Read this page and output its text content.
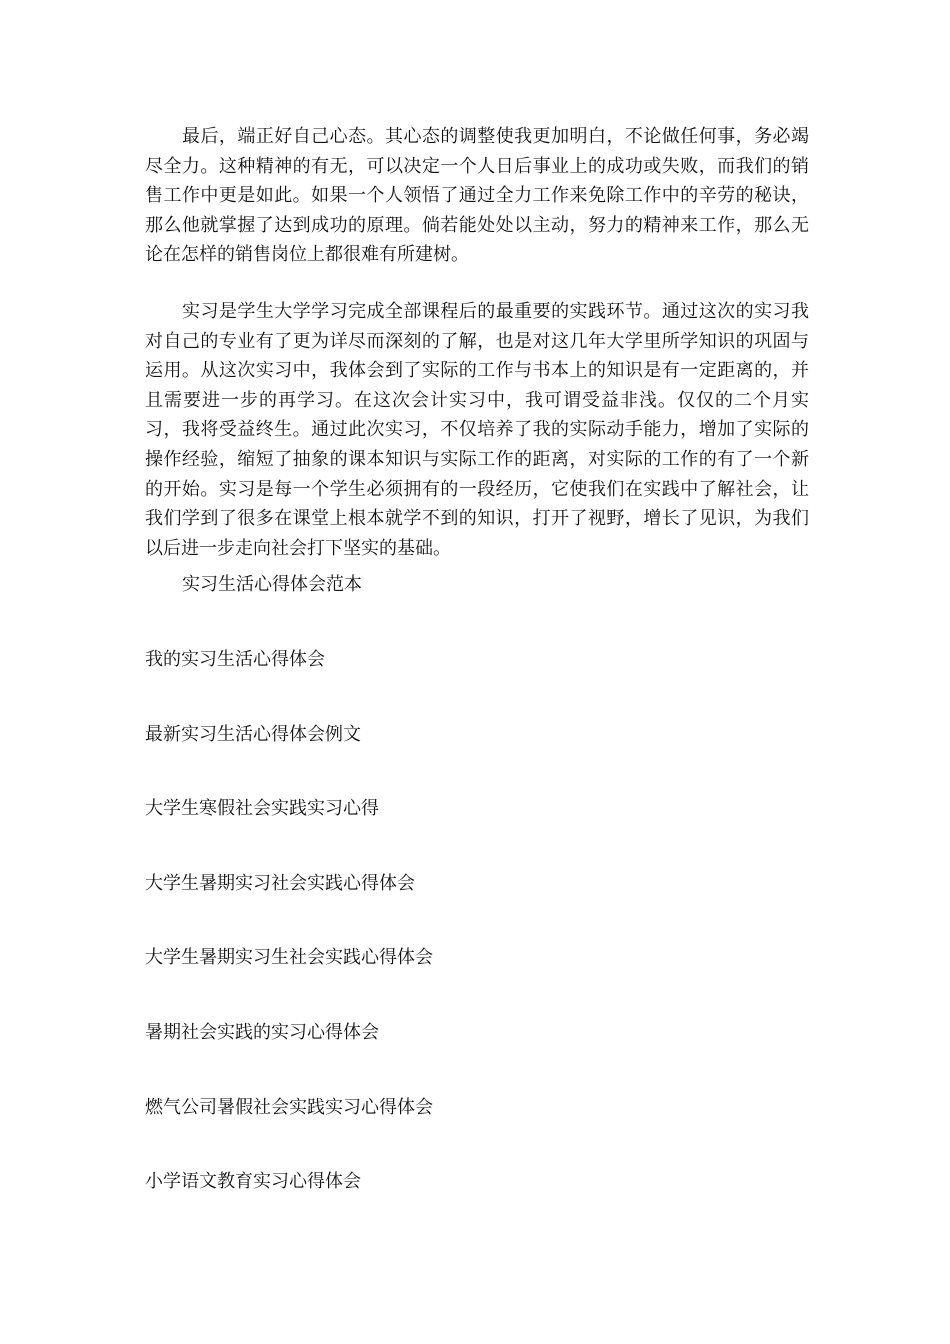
最后，端正好自己心态。其心态的调整使我更加明白，不论做任何事，务必竭尽全力。这种精神的有无，可以决定一个人日后事业上的成功或失败，而我们的销售工作中更是如此。如果一个人领悟了通过全力工作来免除工作中的辛劳的秘诀，那么他就掌握了达到成功的原理。倘若能处处以主动，努力的精神来工作，那么无论在怎样的销售岗位上都很难有所建树。

实习是学生大学学习完成全部课程后的最重要的实践环节。通过这次的实习我对自己的专业有了更为详尽而深刻的了解，也是对这几年大学里所学知识的巩固与运用。从这次实习中，我体会到了实际的工作与书本上的知识是有一定距离的，并且需要进一步的再学习。在这次会计实习中，我可谓受益非浅。仅仅的二个月实习，我将受益终生。通过此次实习，不仅培养了我的实际动手能力，增加了实际的操作经验，缩短了抽象的课本知识与实际工作的距离，对实际的工作的有了一个新的开始。实习是每一个学生必须拥有的一段经历，它使我们在实践中了解社会，让我们学到了很多在课堂上根本就学不到的知识，打开了视野，增长了见识，为我们以后进一步走向社会打下坚实的基础。

实习生活心得体会范本

我的实习生活心得体会
最新实习生活心得体会例文
大学生寒假社会实践实习心得
大学生暑期实习社会实践心得体会
大学生暑期实习生社会实践心得体会
暑期社会实践的实习心得体会
燃气公司暑假社会实践实习心得体会
小学语文教育实习心得体会
